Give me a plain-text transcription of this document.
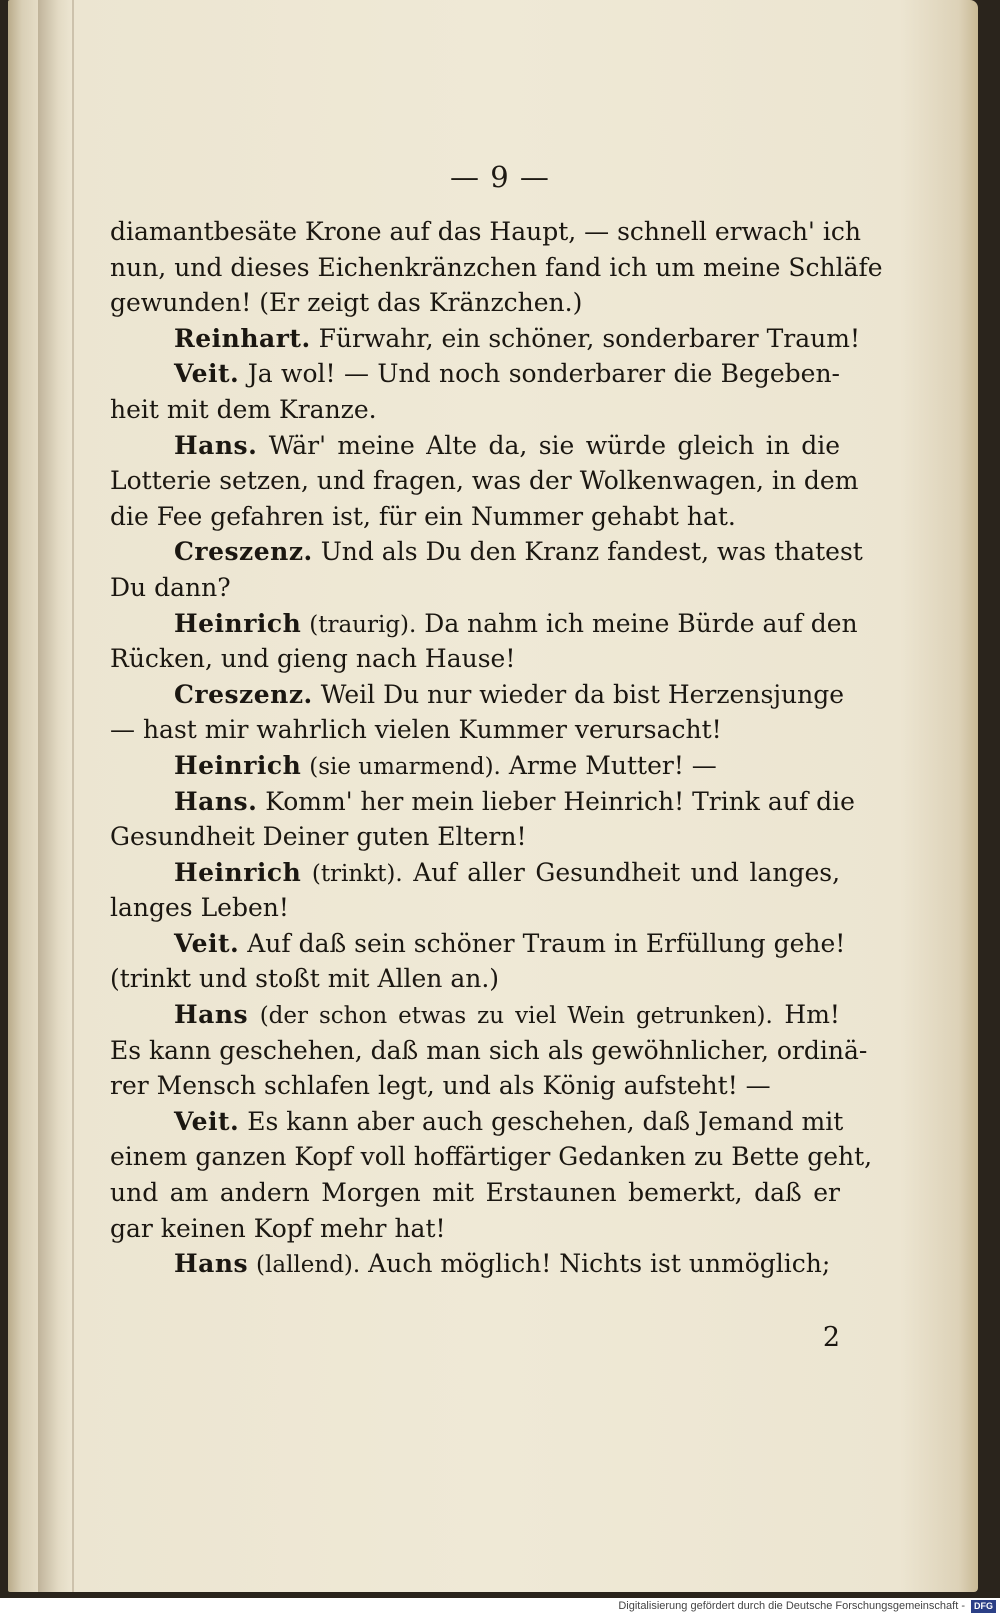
— 9 —
diamantbesäte Krone auf das Haupt, — schnell erwach' ich
nun, und dieses Eichenkränzchen fand ich um meine Schläfe
gewunden! (Er zeigt das Kränzchen.)
Reinhart. Fürwahr, ein schöner, sonderbarer Traum!
Veit. Ja wol! — Und noch sonderbarer die Begeben-
heit mit dem Kranze.
Hans. Wär' meine Alte da, sie würde gleich in die
Lotterie setzen, und fragen, was der Wolkenwagen, in dem
die Fee gefahren ist, für ein Nummer gehabt hat.
Creszenz. Und als Du den Kranz fandest, was thatest
Du dann?
Heinrich (traurig). Da nahm ich meine Bürde auf den
Rücken, und gieng nach Hause!
Creszenz. Weil Du nur wieder da bist Herzensjunge
— hast mir wahrlich vielen Kummer verursacht!
Heinrich (sie umarmend). Arme Mutter! —
Hans. Komm' her mein lieber Heinrich! Trink auf die
Gesundheit Deiner guten Eltern!
Heinrich (trinkt). Auf aller Gesundheit und langes,
langes Leben!
Veit. Auf daß sein schöner Traum in Erfüllung gehe!
(trinkt und stoßt mit Allen an.)
Hans (der schon etwas zu viel Wein getrunken). Hm!
Es kann geschehen, daß man sich als gewöhnlicher, ordinä-
rer Mensch schlafen legt, und als König aufsteht! —
Veit. Es kann aber auch geschehen, daß Jemand mit
einem ganzen Kopf voll hoffärtiger Gedanken zu Bette geht,
und am andern Morgen mit Erstaunen bemerkt, daß er
gar keinen Kopf mehr hat!
Hans (lallend). Auch möglich! Nichts ist unmöglich;
2
Digitalisierung gefördert durch die Deutsche Forschungsgemeinschaft - DFG
